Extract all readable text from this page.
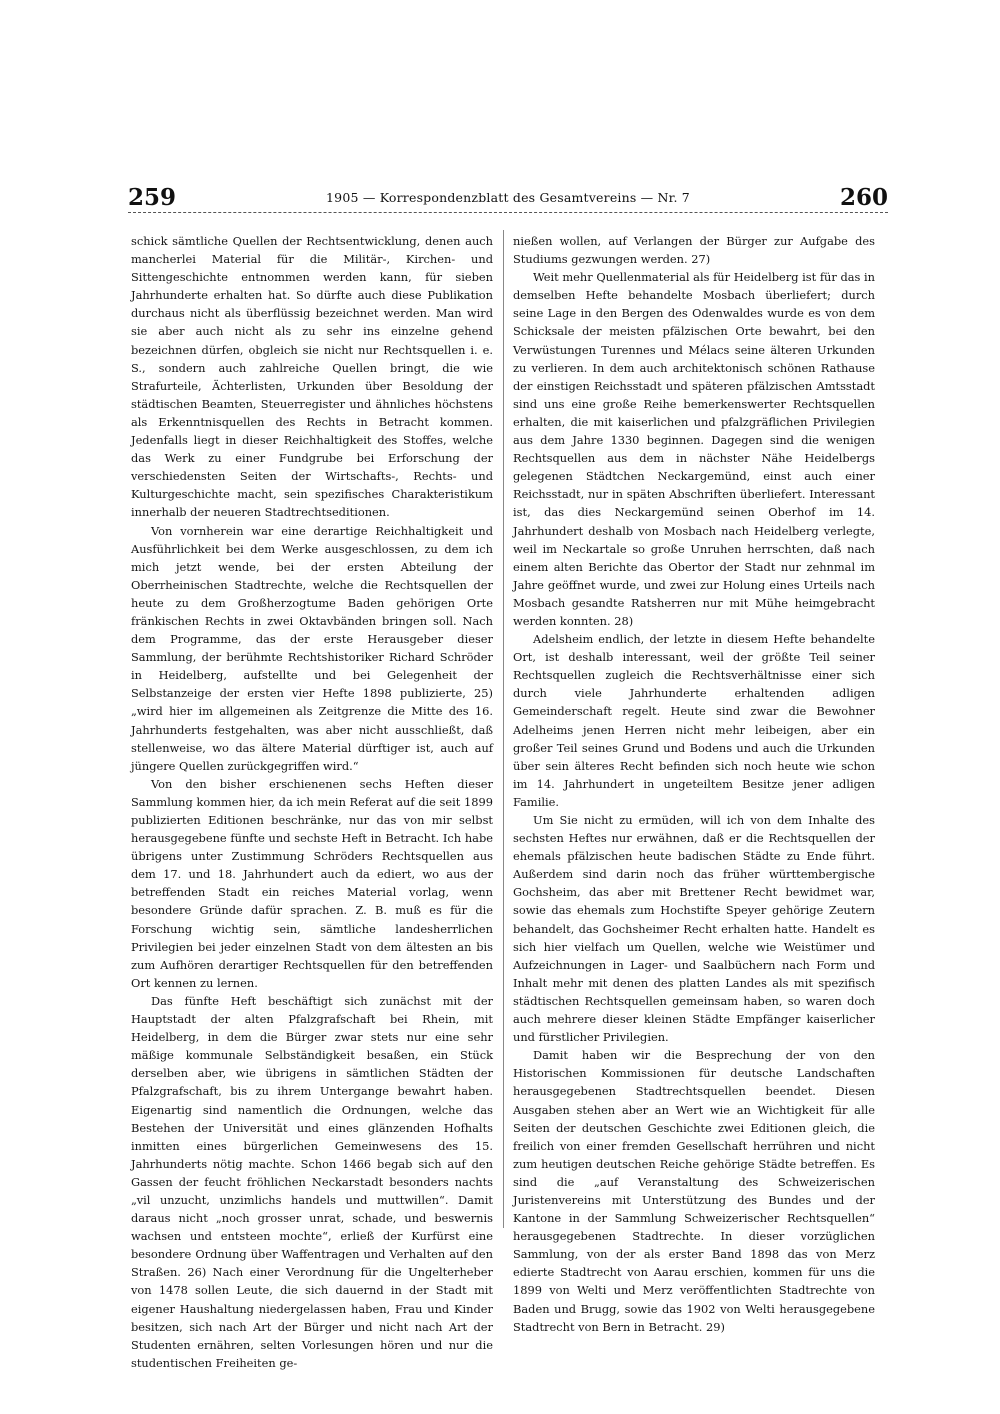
259	1905 — Korrespondenzblatt des Gesamtvereins — Nr. 7	260

schick sämtliche Quellen der Rechtsentwicklung, denen auch mancherlei Material für die Militär-, Kirchen- und Sittengeschichte entnommen werden kann, für sieben Jahrhunderte erhalten hat. So dürfte auch diese Publikation durchaus nicht als überflüssig bezeichnet werden. Man wird sie aber auch nicht als zu sehr ins einzelne gehend bezeichnen dürfen, obgleich sie nicht nur Rechtsquellen i. e. S., sondern auch zahlreiche Quellen bringt, die wie Strafurteile, Ächterlisten, Urkunden über Besoldung der städtischen Beamten, Steuerregister und ähnliches höchstens als Erkenntnisquellen des Rechts in Betracht kommen. Jedenfalls liegt in dieser Reichhaltigkeit des Stoffes, welche das Werk zu einer Fundgrube bei Erforschung der verschiedensten Seiten der Wirtschafts-, Rechts- und Kulturgeschichte macht, sein spezifisches Charakteristikum innerhalb der neueren Stadtrechtseditionen.

Von vornherein war eine derartige Reichhaltigkeit und Ausführlichkeit bei dem Werke ausgeschlossen, zu dem ich mich jetzt wende, bei der ersten Abteilung der Oberrheinischen Stadtrechte, welche die Rechtsquellen der heute zu dem Großherzogtume Baden gehörigen Orte fränkischen Rechts in zwei Oktavbänden bringen soll. Nach dem Programme, das der erste Herausgeber dieser Sammlung, der berühmte Rechtshistoriker Richard Schröder in Heidelberg, aufstellte und bei Gelegenheit der Selbstanzeige der ersten vier Hefte 1898 publizierte, 25) „wird hier im allgemeinen als Zeitgrenze die Mitte des 16. Jahrhunderts festgehalten, was aber nicht ausschließt, daß stellenweise, wo das ältere Material dürftiger ist, auch auf jüngere Quellen zurückgegriffen wird.“

Von den bisher erschienenen sechs Heften dieser Sammlung kommen hier, da ich mein Referat auf die seit 1899 publizierten Editionen beschränke, nur das von mir selbst herausgegebene fünfte und sechste Heft in Betracht. Ich habe übrigens unter Zustimmung Schröders Rechtsquellen aus dem 17. und 18. Jahrhundert auch da ediert, wo aus der betreffenden Stadt ein reiches Material vorlag, wenn besondere Gründe dafür sprachen. Z. B. muß es für die Forschung wichtig sein, sämtliche landesherrlichen Privilegien bei jeder einzelnen Stadt von dem ältesten an bis zum Aufhören derartiger Rechtsquellen für den betreffenden Ort kennen zu lernen.

Das fünfte Heft beschäftigt sich zunächst mit der Hauptstadt der alten Pfalzgrafschaft bei Rhein, mit Heidelberg, in dem die Bürger zwar stets nur eine sehr mäßige kommunale Selbständigkeit besaßen, ein Stück derselben aber, wie übrigens in sämtlichen Städten der Pfalzgrafschaft, bis zu ihrem Untergange bewahrt haben. Eigenartig sind namentlich die Ordnungen, welche das Bestehen der Universität und eines glänzenden Hofhalts inmitten eines bürgerlichen Gemeinwesens des 15. Jahrhunderts nötig machte. Schon 1466 begab sich auf den Gassen der feucht fröhlichen Neckarstadt besonders nachts „vil unzucht, unzimlichs handels und muttwillen“. Damit daraus nicht „noch grosser unrat, schade, und beswernis wachsen und entsteen mochte“, erließ der Kurfürst eine besondere Ordnung über Waffentragen und Verhalten auf den Straßen. 26) Nach einer Verordnung für die Ungelterheber von 1478 sollen Leute, die sich dauernd in der Stadt mit eigener Haushaltung niedergelassen haben, Frau und Kinder besitzen, sich nach Art der Bürger und nicht nach Art der Studenten ernähren, selten Vorlesungen hören und nur die studentischen Freiheiten ge-

nießen wollen, auf Verlangen der Bürger zur Aufgabe des Studiums gezwungen werden. 27)

Weit mehr Quellenmaterial als für Heidelberg ist für das in demselben Hefte behandelte Mosbach überliefert; durch seine Lage in den Bergen des Odenwaldes wurde es von dem Schicksale der meisten pfälzischen Orte bewahrt, bei den Verwüstungen Turennes und Mélacs seine älteren Urkunden zu verlieren. In dem auch architektonisch schönen Rathause der einstigen Reichsstadt und späteren pfälzischen Amtsstadt sind uns eine große Reihe bemerkenswerter Rechtsquellen erhalten, die mit kaiserlichen und pfalzgräflichen Privilegien aus dem Jahre 1330 beginnen. Dagegen sind die wenigen Rechtsquellen aus dem in nächster Nähe Heidelbergs gelegenen Städtchen Neckargemünd, einst auch einer Reichsstadt, nur in späten Abschriften überliefert. Interessant ist, das dies Neckargemünd seinen Oberhof im 14. Jahrhundert deshalb von Mosbach nach Heidelberg verlegte, weil im Neckartale so große Unruhen herrschten, daß nach einem alten Berichte das Obertor der Stadt nur zehnmal im Jahre geöffnet wurde, und zwei zur Holung eines Urteils nach Mosbach gesandte Ratsherren nur mit Mühe heimgebracht werden konnten. 28)

Adelsheim endlich, der letzte in diesem Hefte behandelte Ort, ist deshalb interessant, weil der größte Teil seiner Rechtsquellen zugleich die Rechtsverhältnisse einer sich durch viele Jahrhunderte erhaltenden adligen Gemeinderschaft regelt. Heute sind zwar die Bewohner Adelheims jenen Herren nicht mehr leibeigen, aber ein großer Teil seines Grund und Bodens und auch die Urkunden über sein älteres Recht befinden sich noch heute wie schon im 14. Jahrhundert in ungeteiltem Besitze jener adligen Familie.

Um Sie nicht zu ermüden, will ich von dem Inhalte des sechsten Heftes nur erwähnen, daß er die Rechtsquellen der ehemals pfälzischen heute badischen Städte zu Ende führt. Außerdem sind darin noch das früher württembergische Gochsheim, das aber mit Brettener Recht bewidmet war, sowie das ehemals zum Hochstifte Speyer gehörige Zeutern behandelt, das Gochsheimer Recht erhalten hatte. Handelt es sich hier vielfach um Quellen, welche wie Weistümer und Aufzeichnungen in Lager- und Saalbüchern nach Form und Inhalt mehr mit denen des platten Landes als mit spezifisch städtischen Rechtsquellen gemeinsam haben, so waren doch auch mehrere dieser kleinen Städte Empfänger kaiserlicher und fürstlicher Privilegien.

Damit haben wir die Besprechung der von den Historischen Kommissionen für deutsche Landschaften herausgegebenen Stadtrechtsquellen beendet. Diesen Ausgaben stehen aber an Wert wie an Wichtigkeit für alle Seiten der deutschen Geschichte zwei Editionen gleich, die freilich von einer fremden Gesellschaft herrühren und nicht zum heutigen deutschen Reiche gehörige Städte betreffen. Es sind die „auf Veranstaltung des Schweizerischen Juristenvereins mit Unterstützung des Bundes und der Kantone in der Sammlung Schweizerischer Rechtsquellen“ herausgegebenen Stadtrechte. In dieser vorzüglichen Sammlung, von der als erster Band 1898 das von Merz edierte Stadtrecht von Aarau erschien, kommen für uns die 1899 von Welti und Merz veröffentlichten Stadtrechte von Baden und Brugg, sowie das 1902 von Welti herausgegebene Stadtrecht von Bern in Betracht. 29)
